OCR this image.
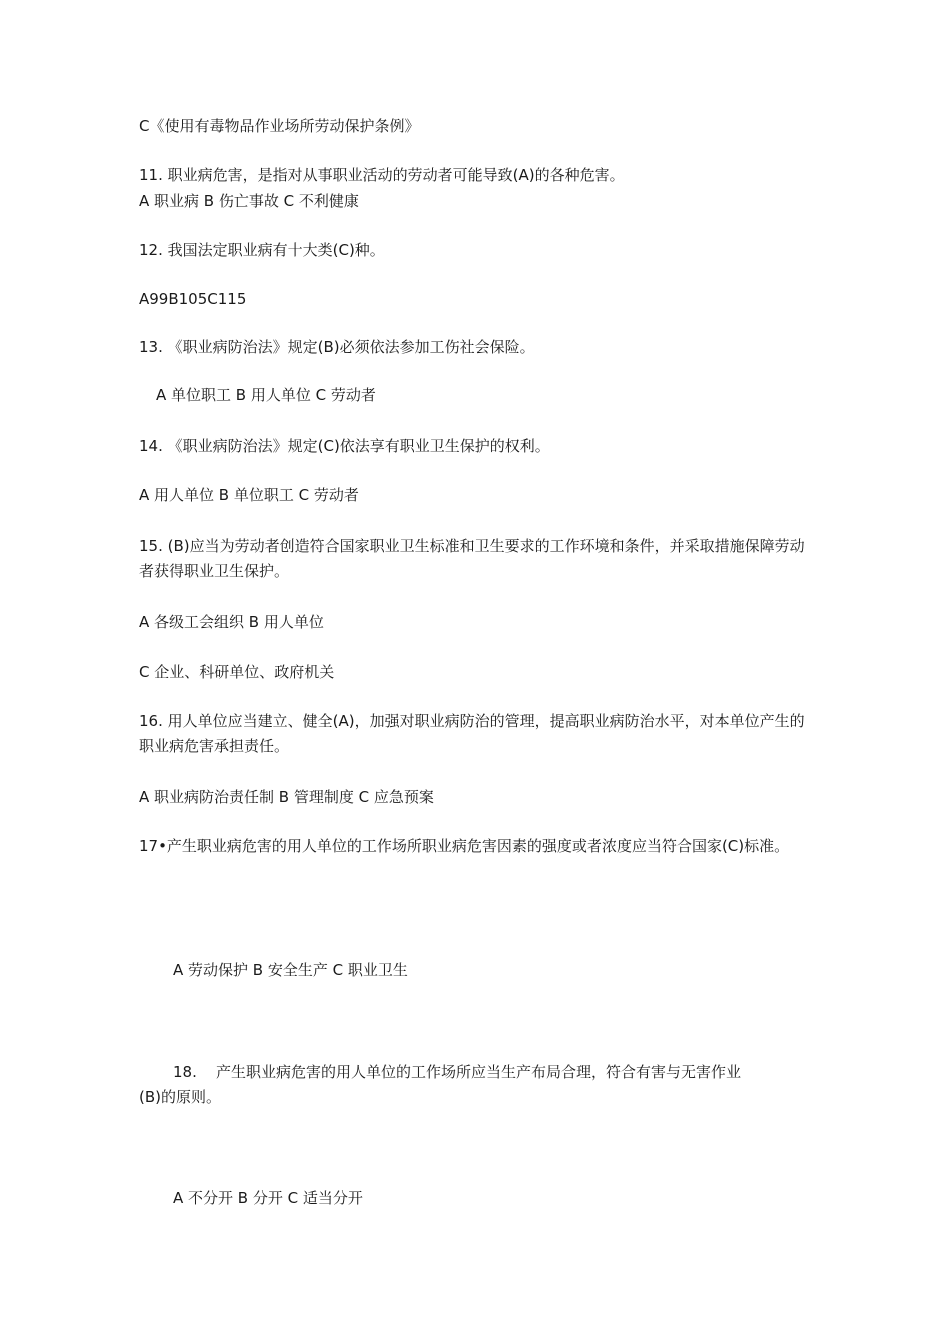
C《使用有毒物品作业场所劳动保护条例》
11. 职业病危害，是指对从事职业活动的劳动者可能导致(A)的各种危害。
A 职业病 B 伤亡事故 C 不利健康
12. 我国法定职业病有十大类(C)种。
A99B105C115
13. 《职业病防治法》规定(B)必须依法参加工伤社会保险。
A 单位职工 B 用人单位 C 劳动者
14. 《职业病防治法》规定(C)依法享有职业卫生保护的权利。
A 用人单位 B 单位职工 C 劳动者
15. (B)应当为劳动者创造符合国家职业卫生标准和卫生要求的工作环境和条件，并采取措施保障劳动者获得职业卫生保护。
A 各级工会组织 B 用人单位
C 企业、科研单位、政府机关
16. 用人单位应当建立、健全(A)，加强对职业病防治的管理，提高职业病防治水平，对本单位产生的职业病危害承担责任。
A 职业病防治责任制 B 管理制度 C 应急预案
17•产生职业病危害的用人单位的工作场所职业病危害因素的强度或者浓度应当符合国家(C)标准。
A 劳动保护 B 安全生产 C 职业卫生
18.	产生职业病危害的用人单位的工作场所应当生产布局合理，符合有害与无害作业
(B)的原则。
A 不分开 B 分开 C 适当分开
